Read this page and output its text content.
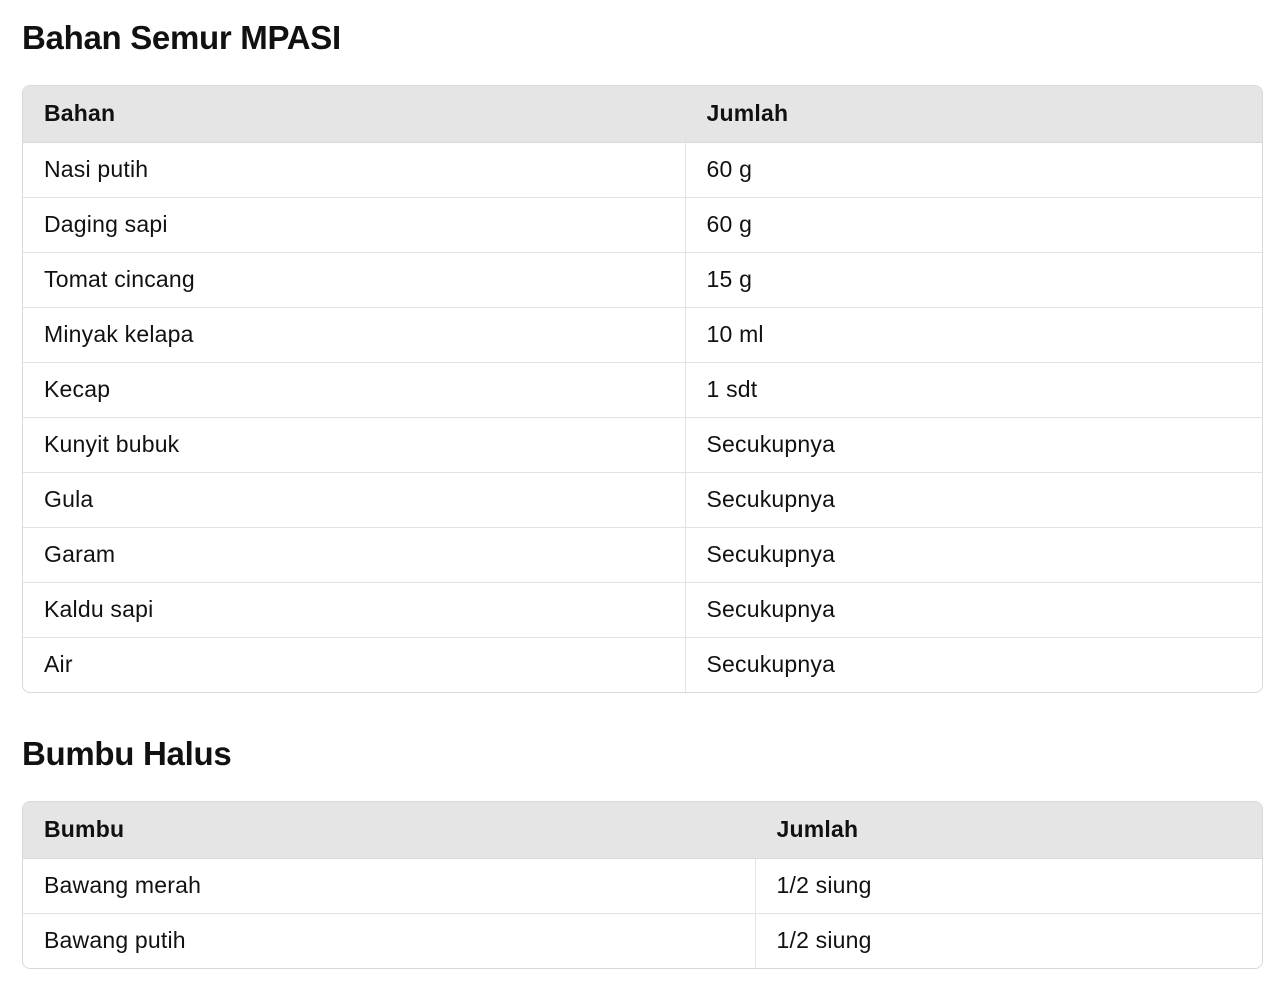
Bahan Semur MPASI
Bahan	Jumlah
Nasi putih	60 g
Daging sapi	60 g
Tomat cincang	15 g
Minyak kelapa	10 ml
Kecap	1 sdt
Kunyit bubuk	Secukupnya
Gula	Secukupnya
Garam	Secukupnya
Kaldu sapi	Secukupnya
Air	Secukupnya
Bumbu Halus
Bumbu	Jumlah
Bawang merah	1/2 siung
Bawang putih	1/2 siung
